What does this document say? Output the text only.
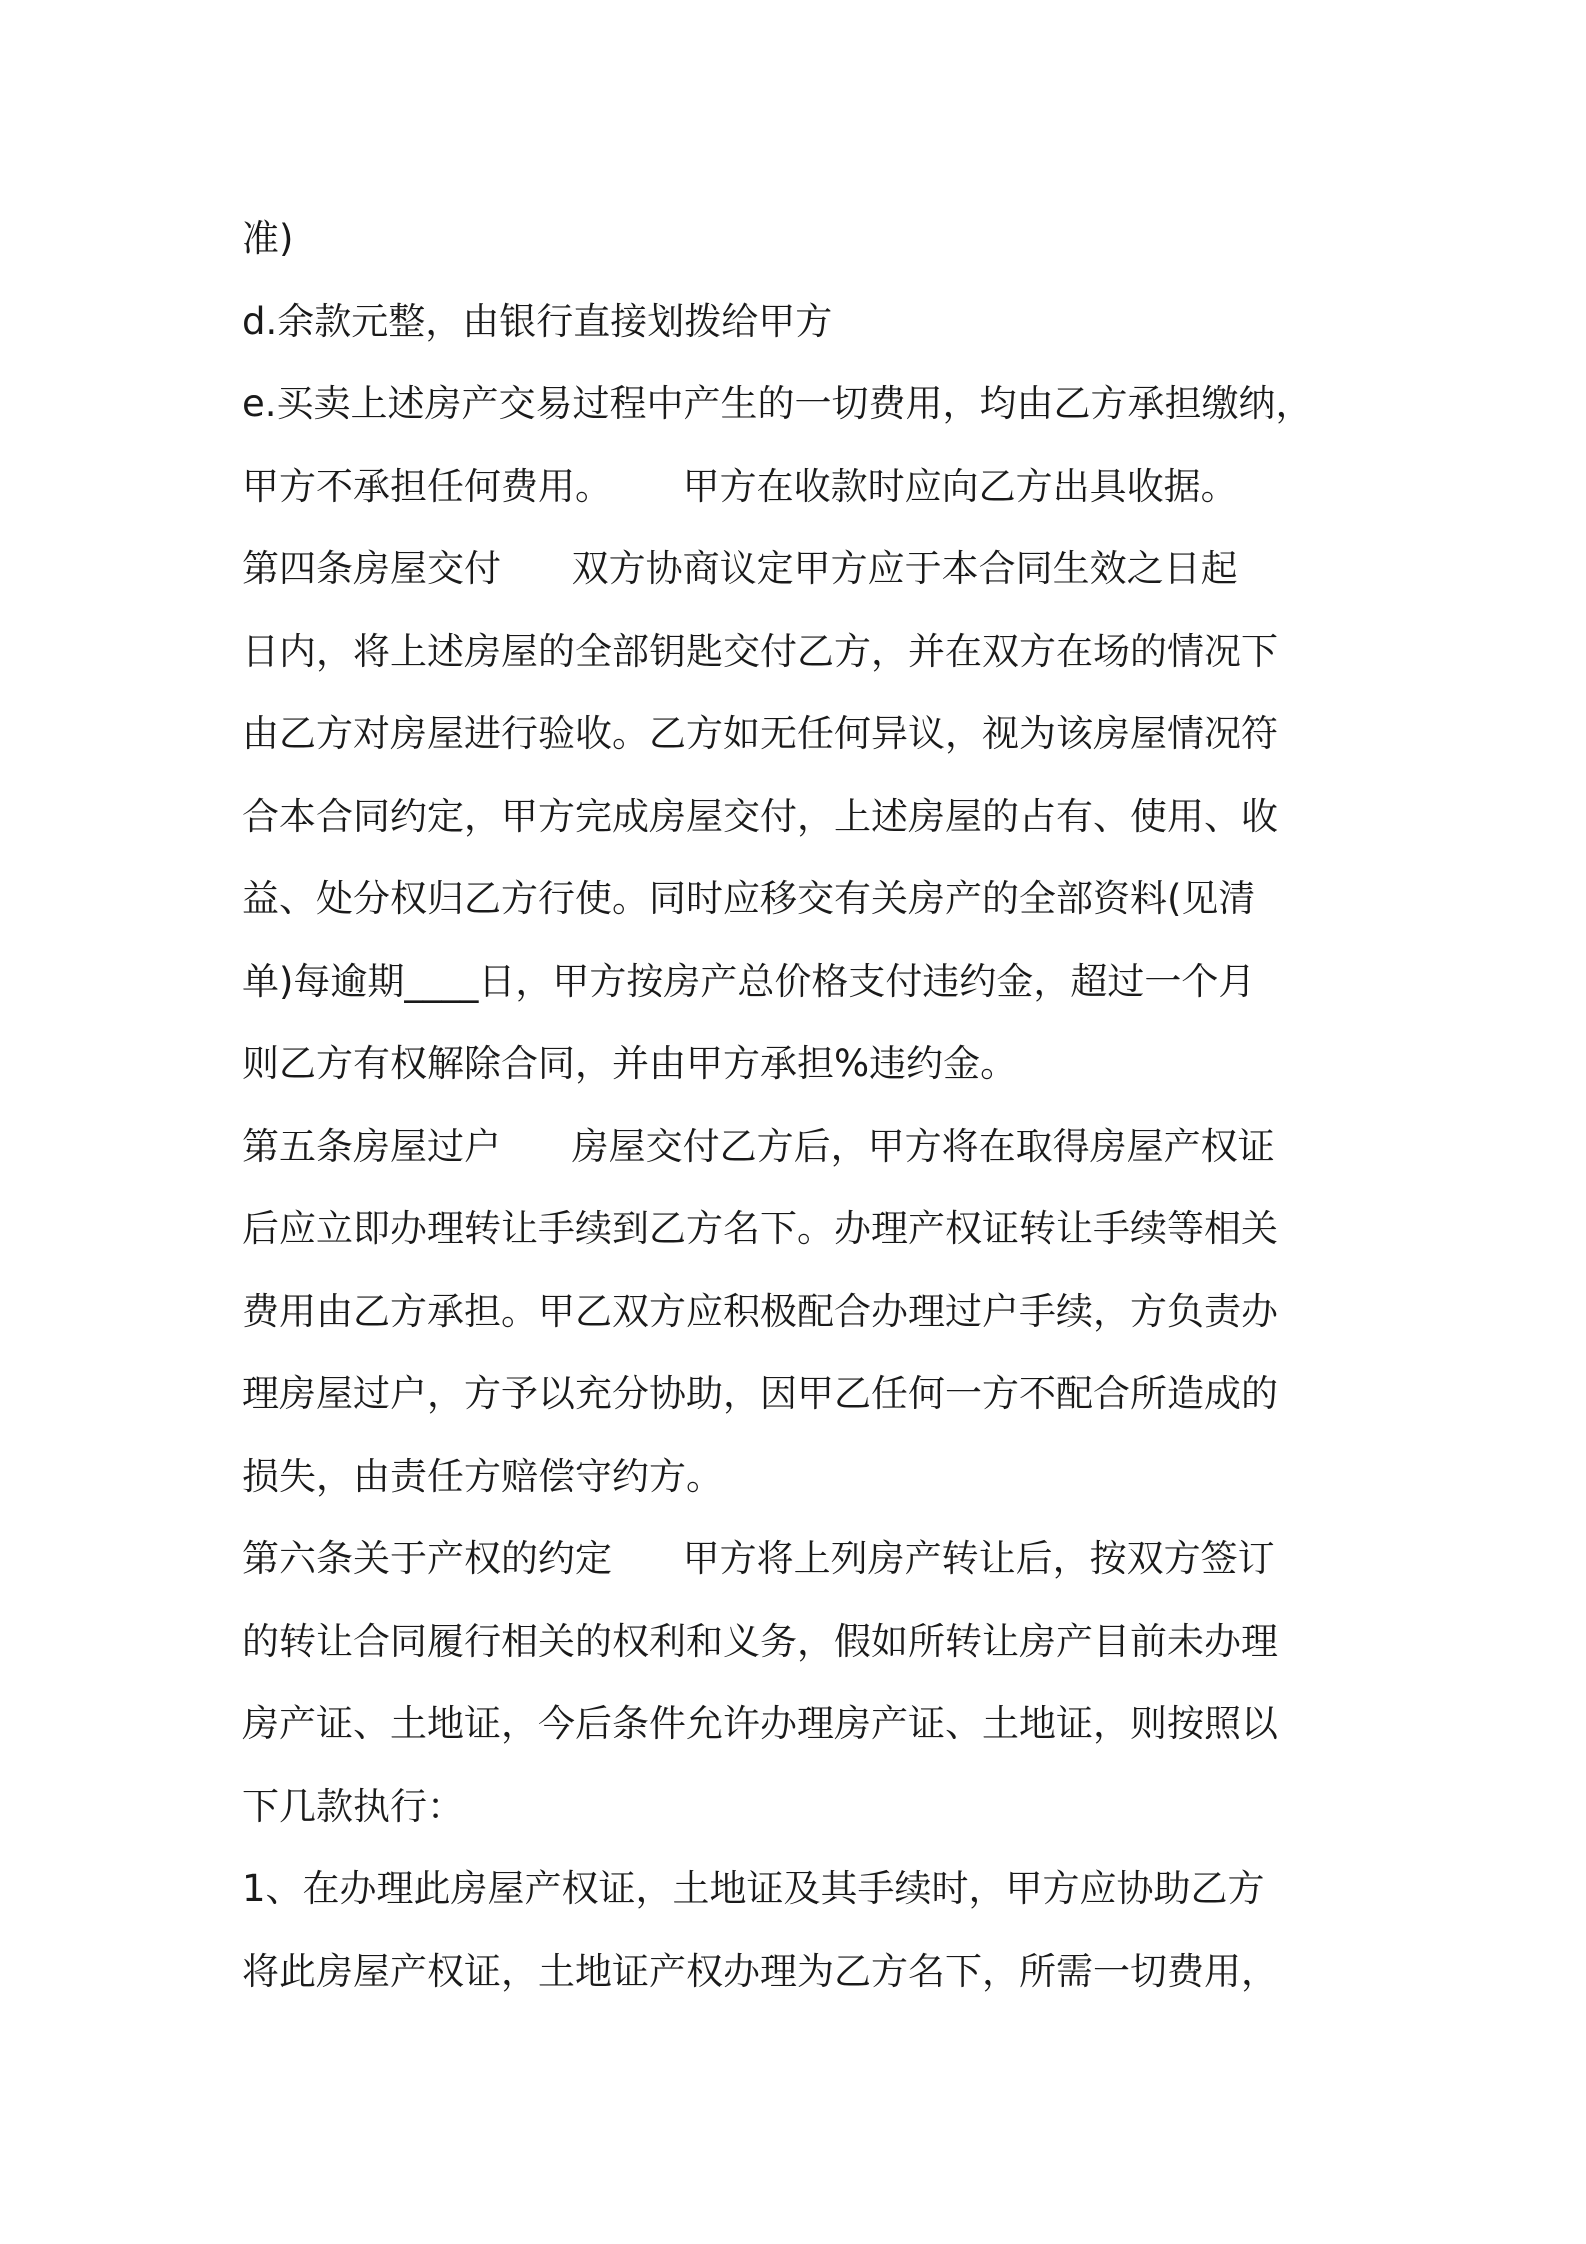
准)
d.余款元整，由银行直接划拨给甲方
e.买卖上述房产交易过程中产生的一切费用，均由乙方承担缴纳，
甲方不承担任何费用。      甲方在收款时应向乙方出具收据。
第四条房屋交付      双方协商议定甲方应于本合同生效之日起
日内，将上述房屋的全部钥匙交付乙方，并在双方在场的情况下
由乙方对房屋进行验收。乙方如无任何异议，视为该房屋情况符
合本合同约定，甲方完成房屋交付，上述房屋的占有、使用、收
益、处分权归乙方行使。同时应移交有关房产的全部资料(见清
单)每逾期____日，甲方按房产总价格支付违约金，超过一个月
则乙方有权解除合同，并由甲方承担%违约金。
第五条房屋过户      房屋交付乙方后，甲方将在取得房屋产权证
后应立即办理转让手续到乙方名下。办理产权证转让手续等相关
费用由乙方承担。甲乙双方应积极配合办理过户手续，方负责办
理房屋过户，方予以充分协助，因甲乙任何一方不配合所造成的
损失，由责任方赔偿守约方。
第六条关于产权的约定      甲方将上列房产转让后，按双方签订
的转让合同履行相关的权利和义务，假如所转让房产目前未办理
房产证、土地证，今后条件允许办理房产证、土地证，则按照以
下几款执行：
1、在办理此房屋产权证，土地证及其手续时，甲方应协助乙方
将此房屋产权证，土地证产权办理为乙方名下，所需一切费用，
